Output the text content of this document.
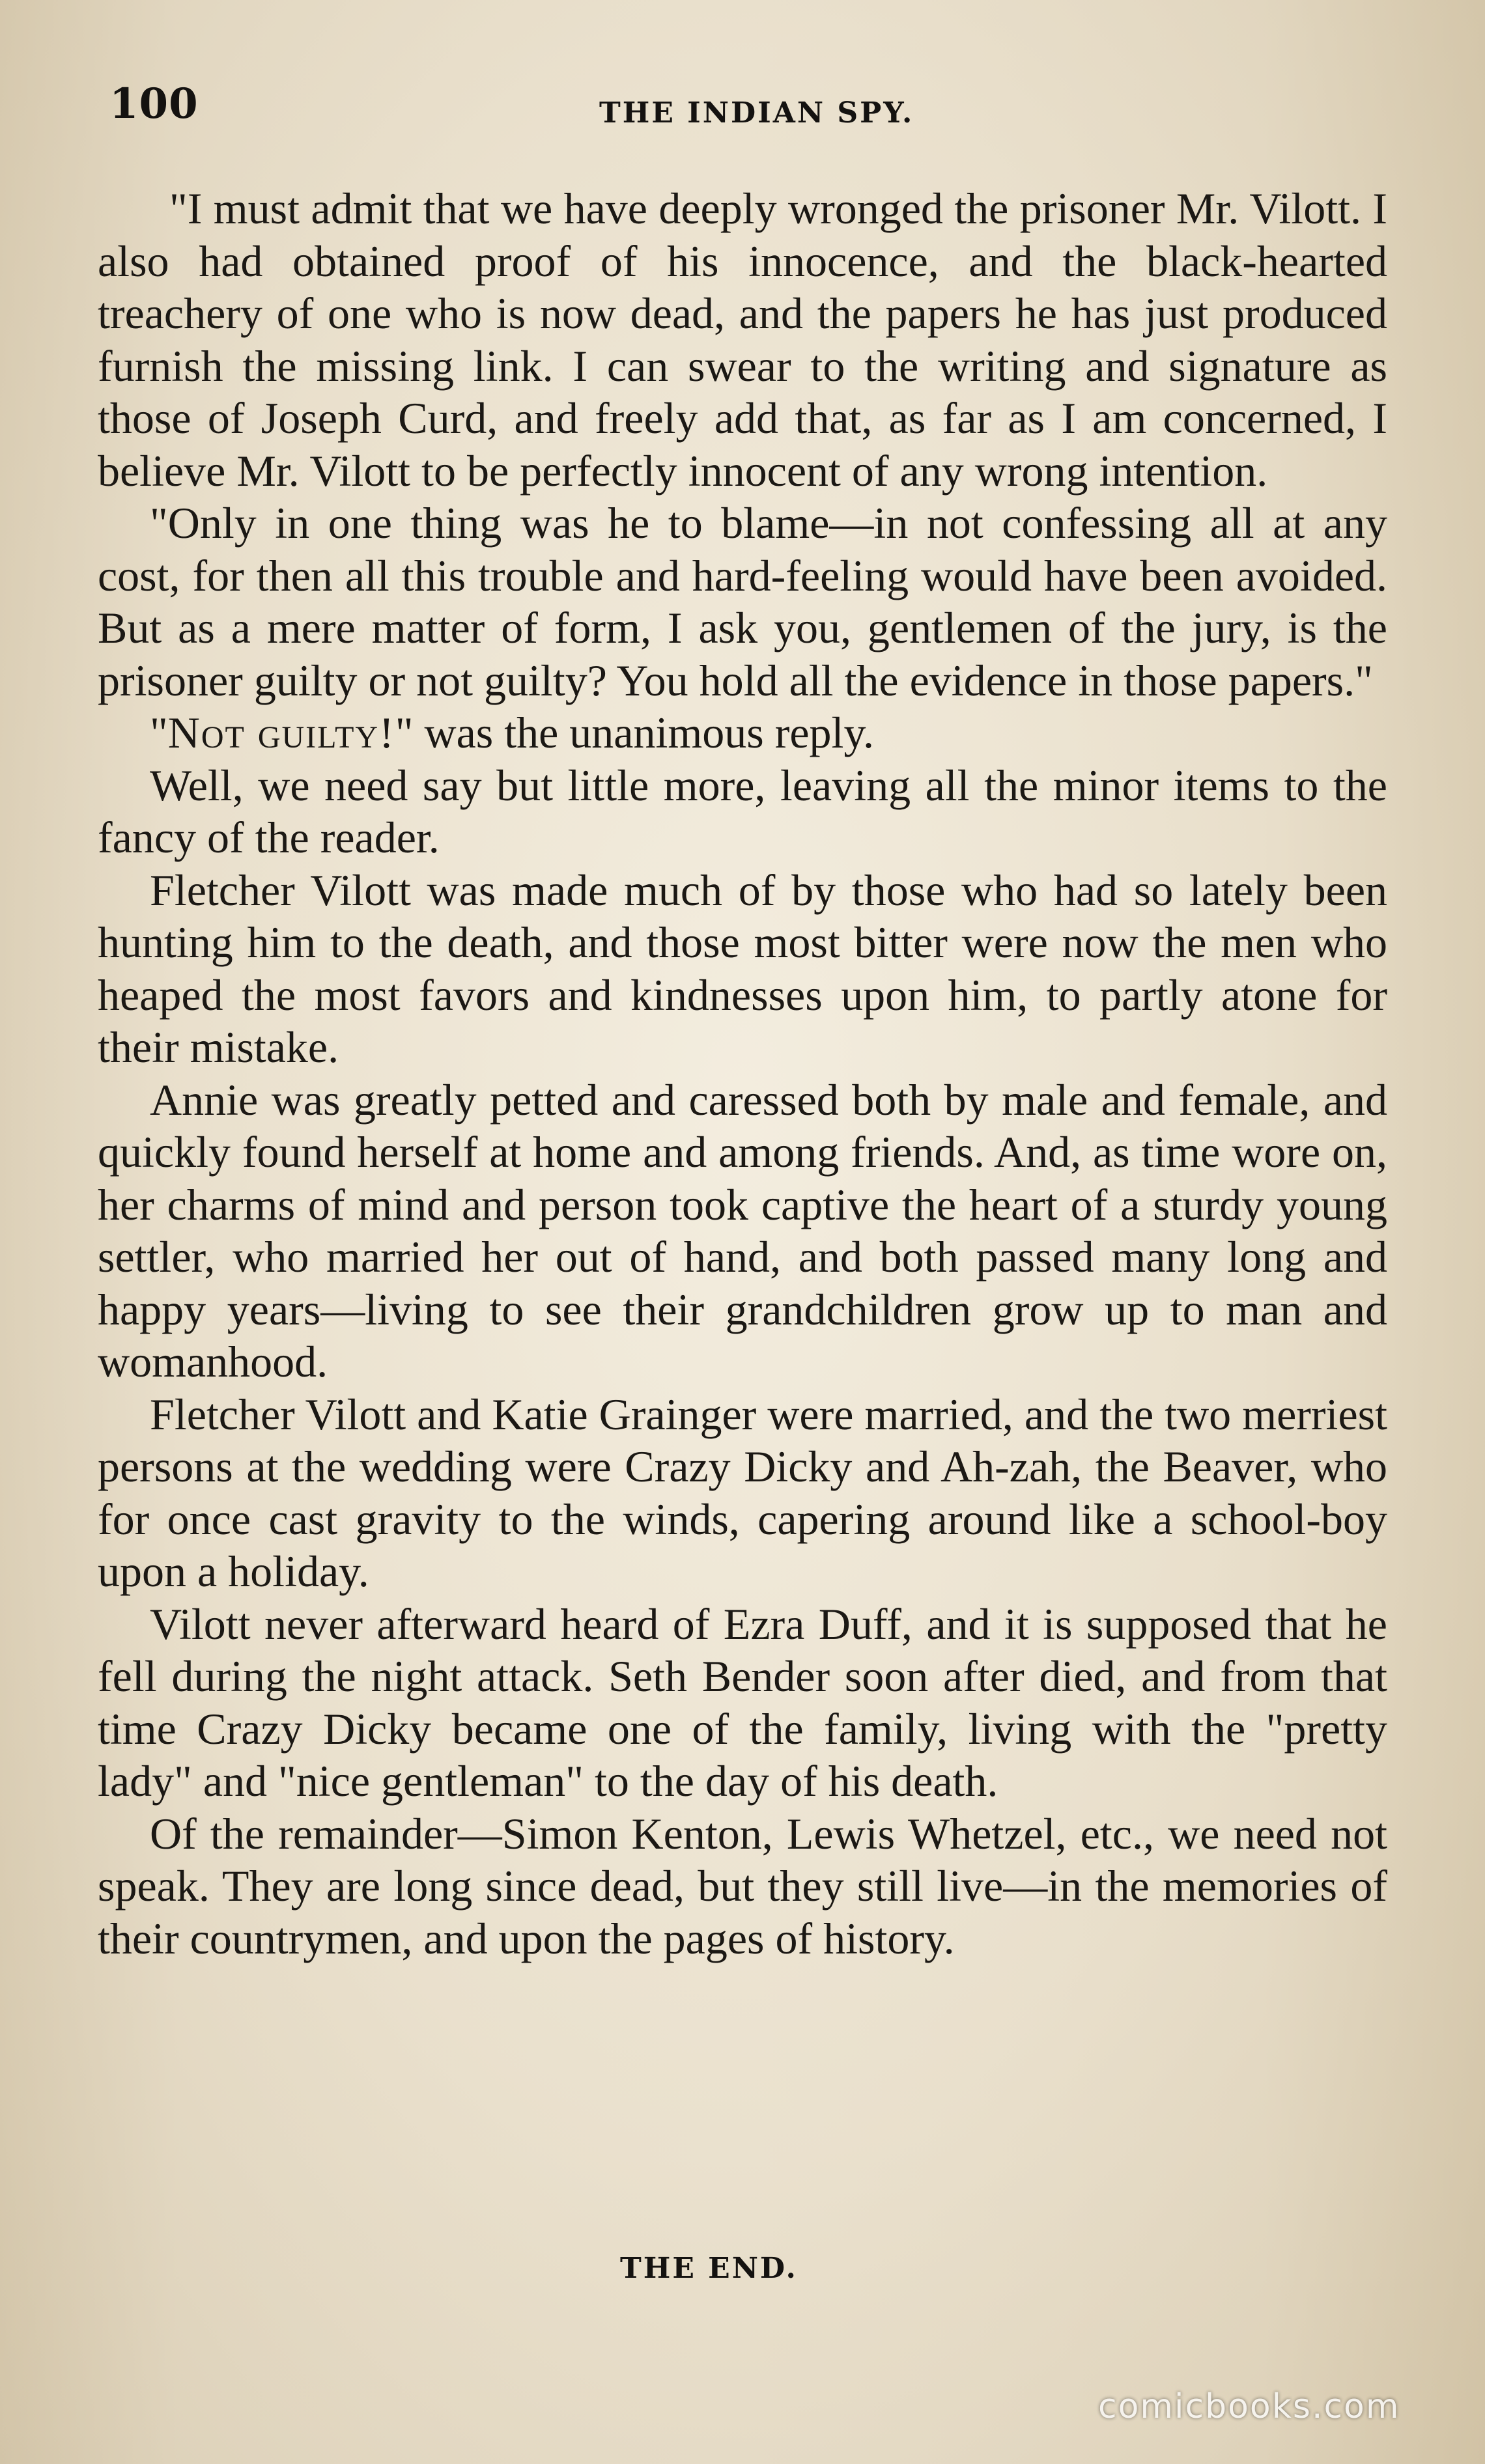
100	THE INDIAN SPY.

"I must admit that we have deeply wronged the prisoner Mr. Vilott. I also had obtained proof of his innocence, and the black-hearted treachery of one who is now dead, and the papers he has just produced furnish the missing link. I can swear to the writing and signature as those of Joseph Curd, and freely add that, as far as I am concerned, I believe Mr. Vilott to be perfectly innocent of any wrong intention.

"Only in one thing was he to blame—in not confessing all at any cost, for then all this trouble and hard-feeling would have been avoided. But as a mere matter of form, I ask you, gentlemen of the jury, is the prisoner guilty or not guilty? You hold all the evidence in those papers."

"Not guilty!" was the unanimous reply.

Well, we need say but little more, leaving all the minor items to the fancy of the reader.

Fletcher Vilott was made much of by those who had so lately been hunting him to the death, and those most bitter were now the men who heaped the most favors and kindnesses upon him, to partly atone for their mistake.

Annie was greatly petted and caressed both by male and female, and quickly found herself at home and among friends. And, as time wore on, her charms of mind and person took captive the heart of a sturdy young settler, who married her out of hand, and both passed many long and happy years—living to see their grandchildren grow up to man and womanhood.

Fletcher Vilott and Katie Grainger were married, and the two merriest persons at the wedding were Crazy Dicky and Ah-zah, the Beaver, who for once cast gravity to the winds, capering around like a school-boy upon a holiday.

Vilott never afterward heard of Ezra Duff, and it is supposed that he fell during the night attack. Seth Bender soon after died, and from that time Crazy Dicky became one of the family, living with the "pretty lady" and "nice gentleman" to the day of his death.

Of the remainder—Simon Kenton, Lewis Whetzel, etc., we need not speak. They are long since dead, but they still live—in the memories of their countrymen, and upon the pages of history.

THE END.
comicbooks.com
